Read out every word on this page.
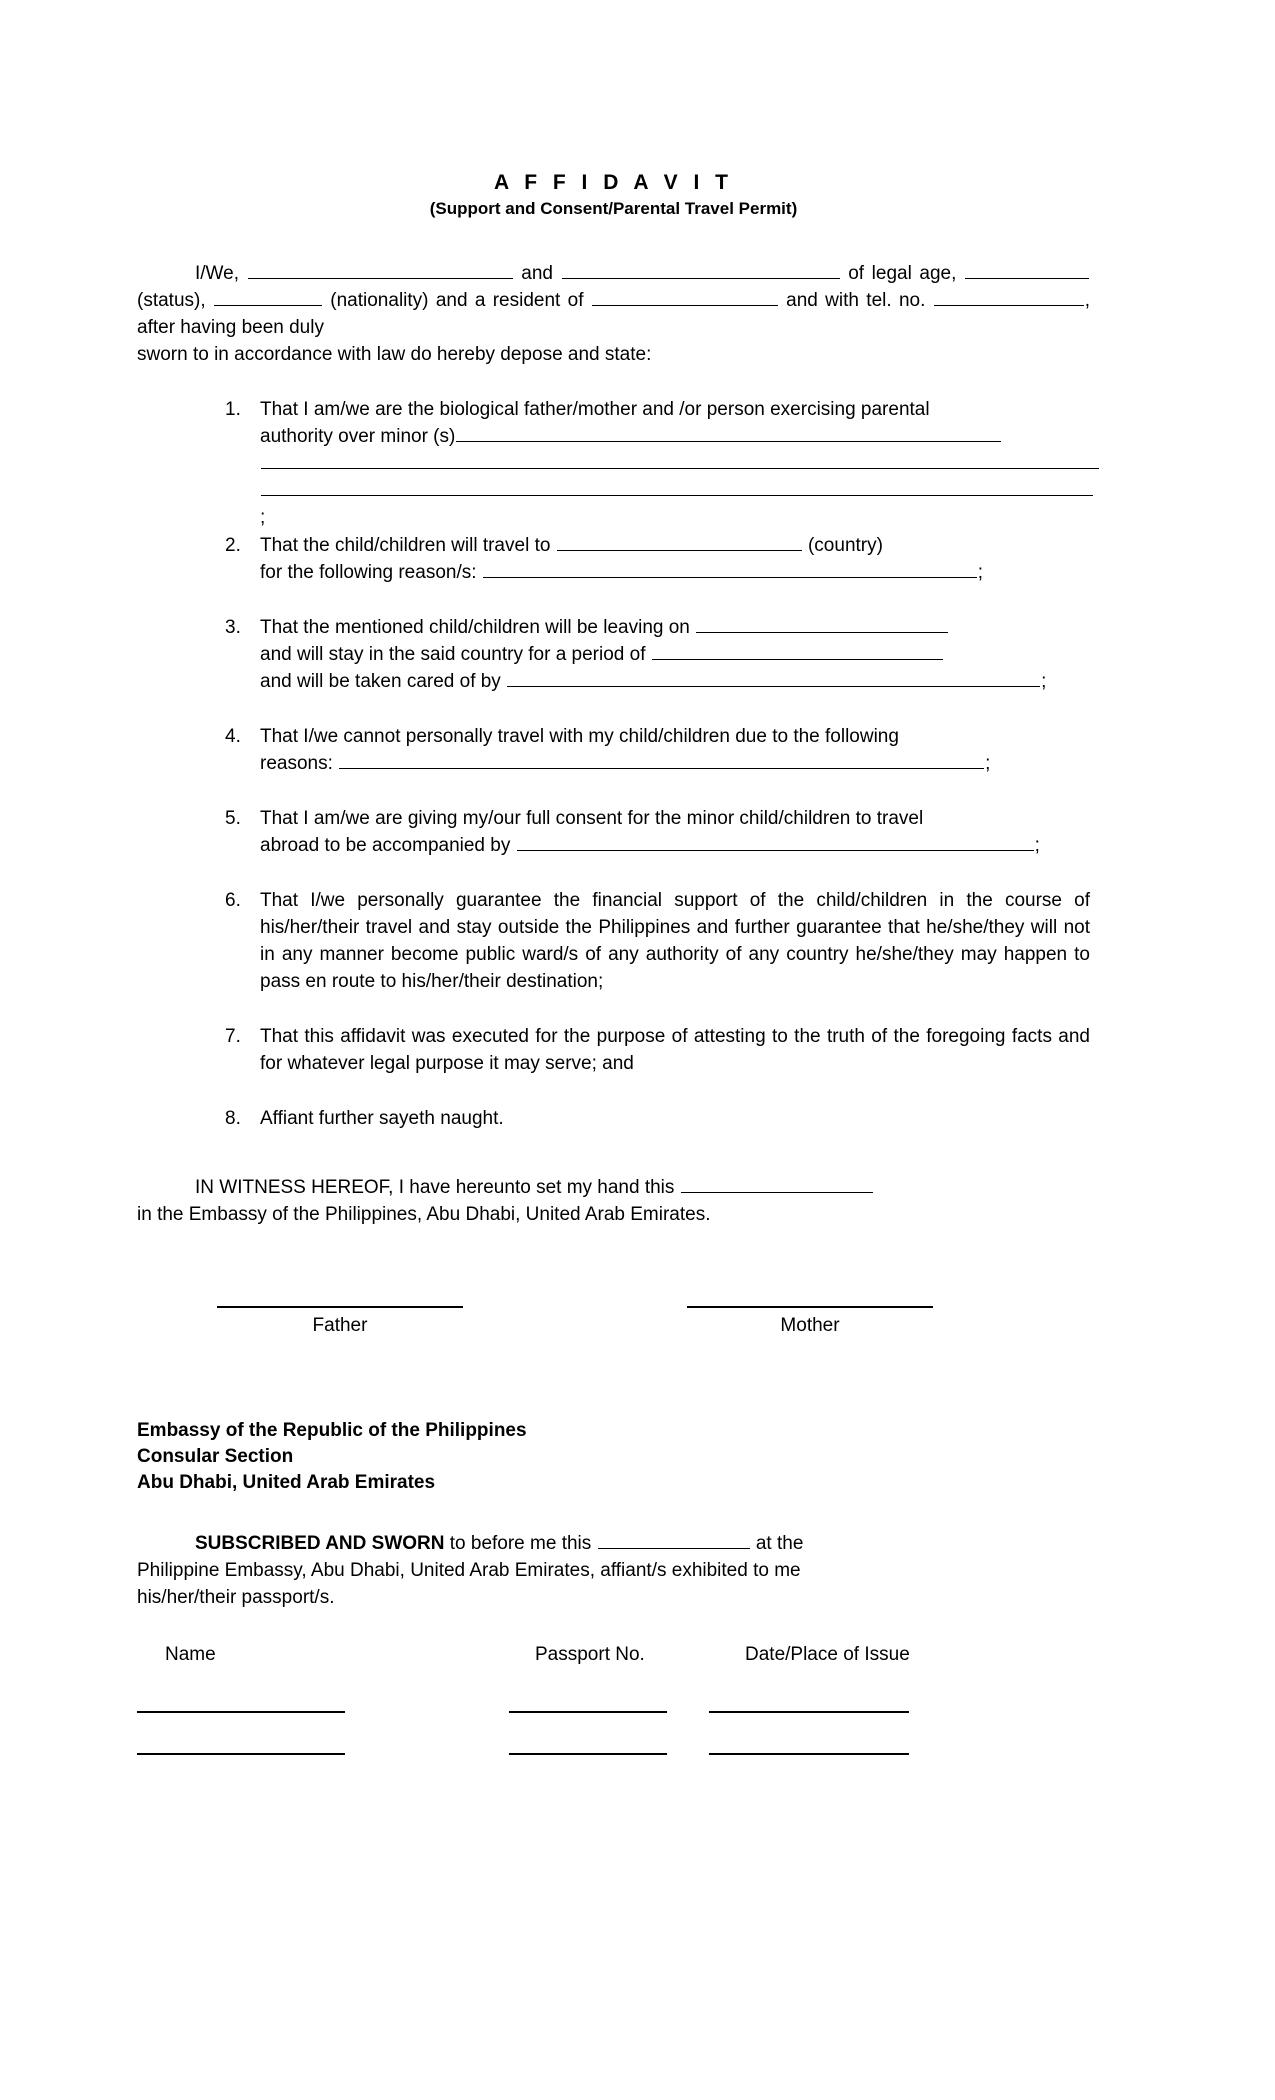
A F F I D A V I T
(Support and Consent/Parental Travel Permit)
I/We,	and	of legal age,  (status),	(nationality) and a resident of	and with tel. no.	, after having been duly
sworn to in accordance with law do hereby depose and state:
That I am/we are the biological father/mother and /or person exercising parental
authority over minor (s)
;
That the child/children will travel to	(country)
for the following reason/s:	;
That the mentioned child/children will be leaving on
and will stay in the said country for a period of
and will be taken cared of by	;
That I/we cannot personally travel with my child/children due to the following
reasons:	;
That I am/we are giving my/our full consent for the minor child/children to travel
abroad to be accompanied by	;
That I/we personally guarantee the financial support of the child/children in the course of his/her/their travel and stay outside the Philippines and further guarantee that he/she/they will not in any manner become public ward/s of any authority of any country he/she/they may happen to pass en route to his/her/their destination;
That this affidavit was executed for the purpose of attesting to the truth of the foregoing facts and for whatever legal purpose it may serve; and
Affiant further sayeth naught.
IN WITNESS HEREOF, I have hereunto set my hand this
in the Embassy of the Philippines, Abu Dhabi, United Arab Emirates.
Father	Mother
Embassy of the Republic of the Philippines
Consular Section
Abu Dhabi, United Arab Emirates
SUBSCRIBED AND SWORN to before me this	at the
Philippine Embassy, Abu Dhabi, United Arab Emirates, affiant/s exhibited to me
his/her/their passport/s.
Name	Passport No.	Date/Place of Issue
